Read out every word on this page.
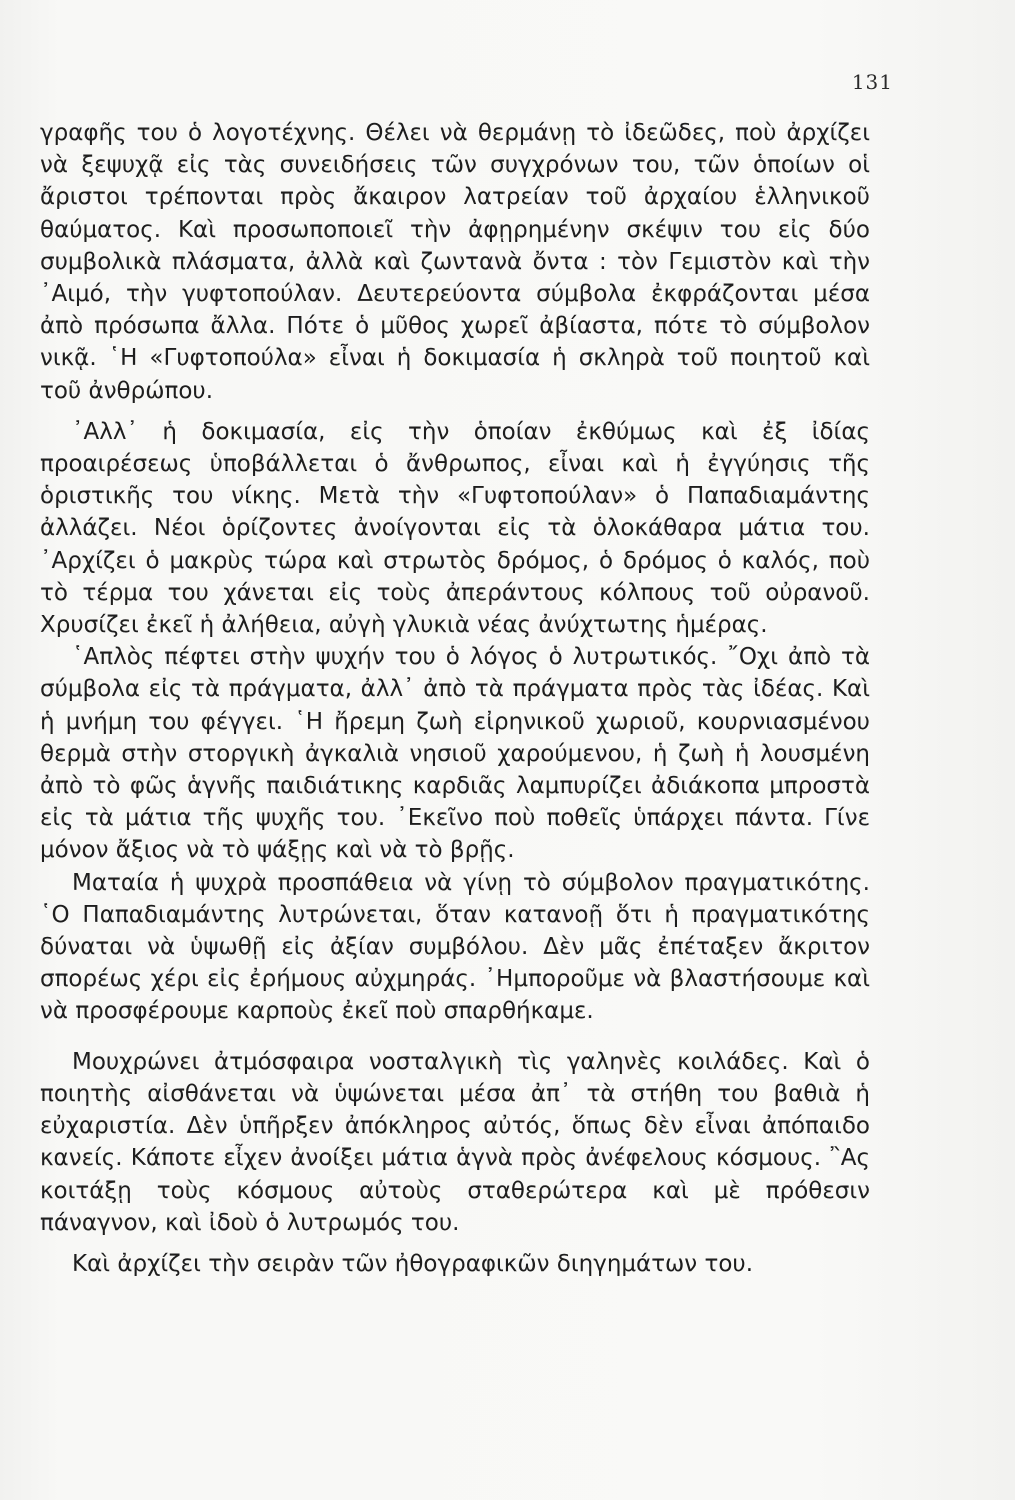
131

γραφῆς του ὁ λογοτέχνης. Θέλει νὰ θερμάνῃ τὸ ἰδεῶδες, ποὺ ἀρχίζει νὰ ξεψυχᾷ εἰς τὰς συνειδήσεις τῶν συγχρόνων του, τῶν ὁποίων οἱ ἄριστοι τρέπονται πρὸς ἄκαιρον λατρείαν τοῦ ἀρχαίου ἑλληνικοῦ θαύματος. Καὶ προσωποποιεῖ τὴν ἀφῃρημένην σκέψιν του εἰς δύο συμβολικὰ πλάσματα, ἀλλὰ καὶ ζωντανὰ ὄντα : τὸν Γεμιστὸν καὶ τὴν ᾿Αιμό, τὴν γυφτοπούλαν. Δευτερεύοντα σύμβολα ἐκφράζονται μέσα ἀπὸ πρόσωπα ἄλλα. Πότε ὁ μῦθος χωρεῖ ἀβίαστα, πότε τὸ σύμβολον νικᾷ. ῾Η «Γυφτοπούλα» εἶναι ἡ δοκιμασία ἡ σκληρὰ τοῦ ποιητοῦ καὶ τοῦ ἀνθρώπου.

᾿Αλλ᾿ ἡ δοκιμασία, εἰς τὴν ὁποίαν ἐκθύμως καὶ ἐξ ἰδίας προαιρέσεως ὑποβάλλεται ὁ ἄνθρωπος, εἶναι καὶ ἡ ἐγγύησις τῆς ὁριστικῆς του νίκης. Μετὰ τὴν «Γυφτοπούλαν» ὁ Παπαδιαμάντης ἀλλάζει. Νέοι ὁρίζοντες ἀνοίγονται εἰς τὰ ὁλοκάθαρα μάτια του. ᾿Αρχίζει ὁ μακρὺς τώρα καὶ στρωτὸς δρόμος, ὁ δρόμος ὁ καλός, ποὺ τὸ τέρμα του χάνεται εἰς τοὺς ἀπεράντους κόλπους τοῦ οὐρανοῦ. Χρυσίζει ἐκεῖ ἡ ἀλήθεια, αὐγὴ γλυκιὰ νέας ἀνύχτωτης ἡμέρας.

῾Απλὸς πέφτει στὴν ψυχήν του ὁ λόγος ὁ λυτρωτικός. ῎Οχι ἀπὸ τὰ σύμβολα εἰς τὰ πράγματα, ἀλλ᾿ ἀπὸ τὰ πράγματα πρὸς τὰς ἰδέας. Καὶ ἡ μνήμη του φέγγει. ῾Η ἤρεμη ζωὴ εἰρηνικοῦ χωριοῦ, κουρνιασμένου θερμὰ στὴν στοργικὴ ἀγκαλιὰ νησιοῦ χαρούμενου, ἡ ζωὴ ἡ λουσμένη ἀπὸ τὸ φῶς ἁγνῆς παιδιάτικης καρδιᾶς λαμπυρίζει ἀδιάκοπα μπροστὰ εἰς τὰ μάτια τῆς ψυχῆς του. ᾿Εκεῖνο ποὺ ποθεῖς ὑπάρχει πάντα. Γίνε μόνον ἄξιος νὰ τὸ ψάξῃς καὶ νὰ τὸ βρῇς.

Ματαία ἡ ψυχρὰ προσπάθεια νὰ γίνῃ τὸ σύμβολον πραγματικότης. ῾Ο Παπαδιαμάντης λυτρώνεται, ὅταν κατανοῇ ὅτι ἡ πραγματικότης δύναται νὰ ὑψωθῇ εἰς ἀξίαν συμβόλου. Δὲν μᾶς ἐπέταξεν ἄκριτον σπορέως χέρι εἰς ἐρήμους αὐχμηράς. ᾿Ημποροῦμε νὰ βλαστήσουμε καὶ νὰ προσφέρουμε καρποὺς ἐκεῖ ποὺ σπαρθήκαμε.

Μουχρώνει ἀτμόσφαιρα νοσταλγικὴ τὶς γαληνὲς κοιλάδες. Καὶ ὁ ποιητὴς αἰσθάνεται νὰ ὑψώνεται μέσα ἀπ᾿ τὰ στήθη του βαθιὰ ἡ εὐχαριστία. Δὲν ὑπῆρξεν ἀπόκληρος αὐτός, ὅπως δὲν εἶναι ἀπόπαιδο κανείς. Κάποτε εἶχεν ἀνοίξει μάτια ἁγνὰ πρὸς ἀνέφελους κόσμους. ῍Ας κοιτάξῃ τοὺς κόσμους αὐτοὺς σταθερώτερα καὶ μὲ πρόθεσιν πάναγνον, καὶ ἰδοὺ ὁ λυτρωμός του.

Καὶ ἀρχίζει τὴν σειρὰν τῶν ἠθογραφικῶν διηγημάτων του.
